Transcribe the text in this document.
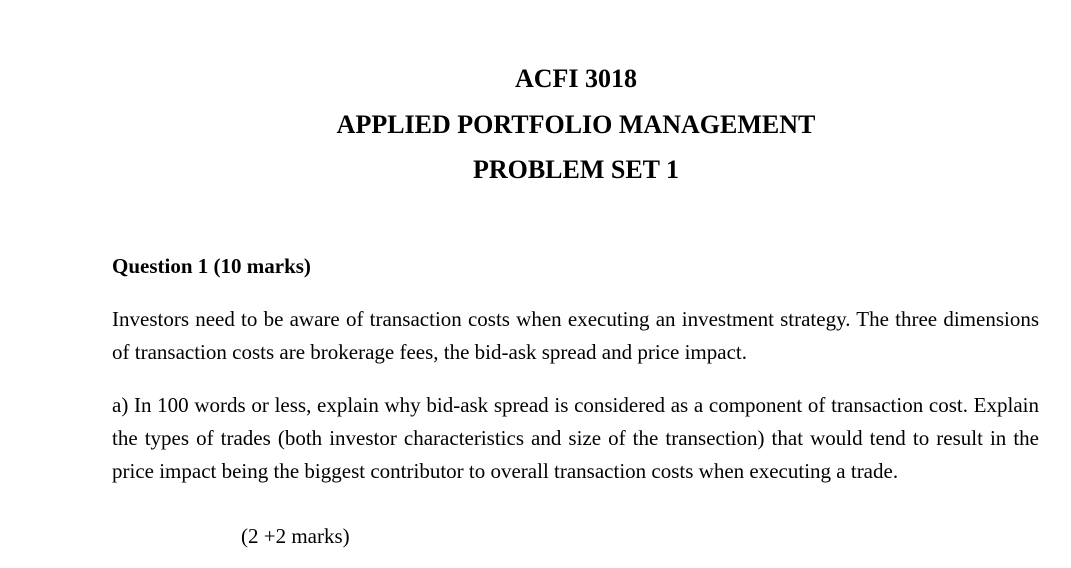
ACFI 3018
APPLIED PORTFOLIO MANAGEMENT
PROBLEM SET 1
Question 1 (10 marks)
Investors need to be aware of transaction costs when executing an investment strategy. The three dimensions of transaction costs are brokerage fees, the bid-ask spread and price impact.
a) In 100 words or less, explain why bid-ask spread is considered as a component of transaction cost. Explain the types of trades (both investor characteristics and size of the transection) that would tend to result in the price impact being the biggest contributor to overall transaction costs when executing a trade.
(2 +2 marks)
